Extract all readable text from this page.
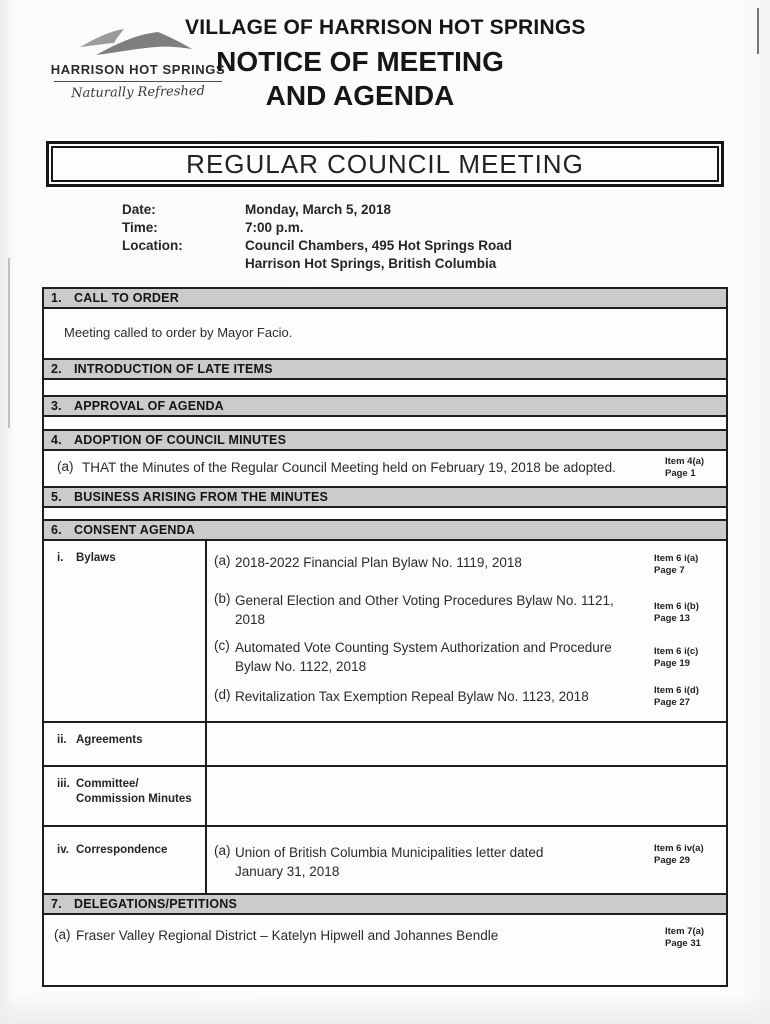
HARRISON HOT SPRINGS
Naturally Refreshed
VILLAGE OF HARRISON HOT SPRINGS
NOTICE OF MEETING
AND AGENDA
REGULAR COUNCIL MEETING
Date:	Monday, March 5, 2018
Time:	7:00 p.m.
Location:	Council Chambers, 495 Hot Springs Road
Harrison Hot Springs, British Columbia
1. CALL TO ORDER
Meeting called to order by Mayor Facio.
2. INTRODUCTION OF LATE ITEMS
3. APPROVAL OF AGENDA
4. ADOPTION OF COUNCIL MINUTES
(a) THAT the Minutes of the Regular Council Meeting held on February 19, 2018 be adopted.	Item 4(a)
Page 1
5. BUSINESS ARISING FROM THE MINUTES
6. CONSENT AGENDA
i.	Bylaws	(a) 2018-2022 Financial Plan Bylaw No. 1119, 2018	Item 6 i(a)
Page 7
(b) General Election and Other Voting Procedures Bylaw No. 1121, 2018
Item 6 i(b)
Page 13
(c) Automated Vote Counting System Authorization and Procedure Bylaw No. 1122, 2018
Item 6 i(c)
Page 19
(d) Revitalization Tax Exemption Repeal Bylaw No. 1123, 2018	Item 6 i(d)
Page 27
ii. Agreements
iii. Committee/ Commission Minutes
iv. Correspondence	(a) Union of British Columbia Municipalities letter dated January 31, 2018
Item 6 iv(a)
Page 29
7. DELEGATIONS/PETITIONS
(a) Fraser Valley Regional District – Katelyn Hipwell and Johannes Bendle	Item 7(a)
Page 31
